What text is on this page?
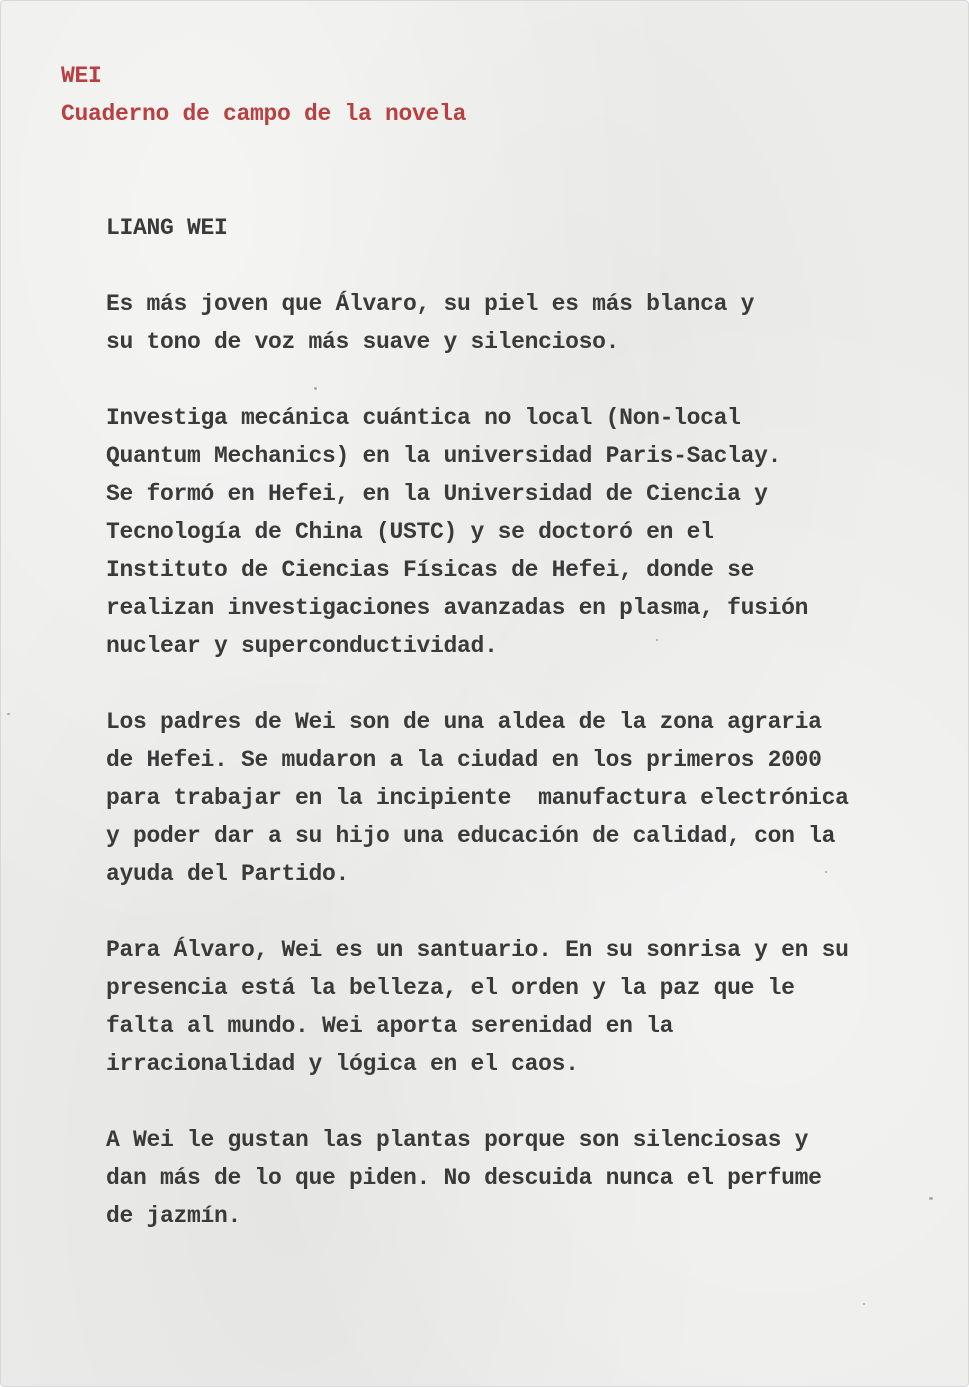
WEI
Cuaderno de campo de la novela
LIANG WEI
Es más joven que Álvaro, su piel es más blanca y
su tono de voz más suave y silencioso.
Investiga mecánica cuántica no local (Non-local
Quantum Mechanics) en la universidad Paris-Saclay.
Se formó en Hefei, en la Universidad de Ciencia y
Tecnología de China (USTC) y se doctoró en el
Instituto de Ciencias Físicas de Hefei, donde se
realizan investigaciones avanzadas en plasma, fusión
nuclear y superconductividad.
Los padres de Wei son de una aldea de la zona agraria
de Hefei. Se mudaron a la ciudad en los primeros 2000
para trabajar en la incipiente  manufactura electrónica
y poder dar a su hijo una educación de calidad, con la
ayuda del Partido.
Para Álvaro, Wei es un santuario. En su sonrisa y en su
presencia está la belleza, el orden y la paz que le
falta al mundo. Wei aporta serenidad en la
irracionalidad y lógica en el caos.
A Wei le gustan las plantas porque son silenciosas y
dan más de lo que piden. No descuida nunca el perfume
de jazmín.
